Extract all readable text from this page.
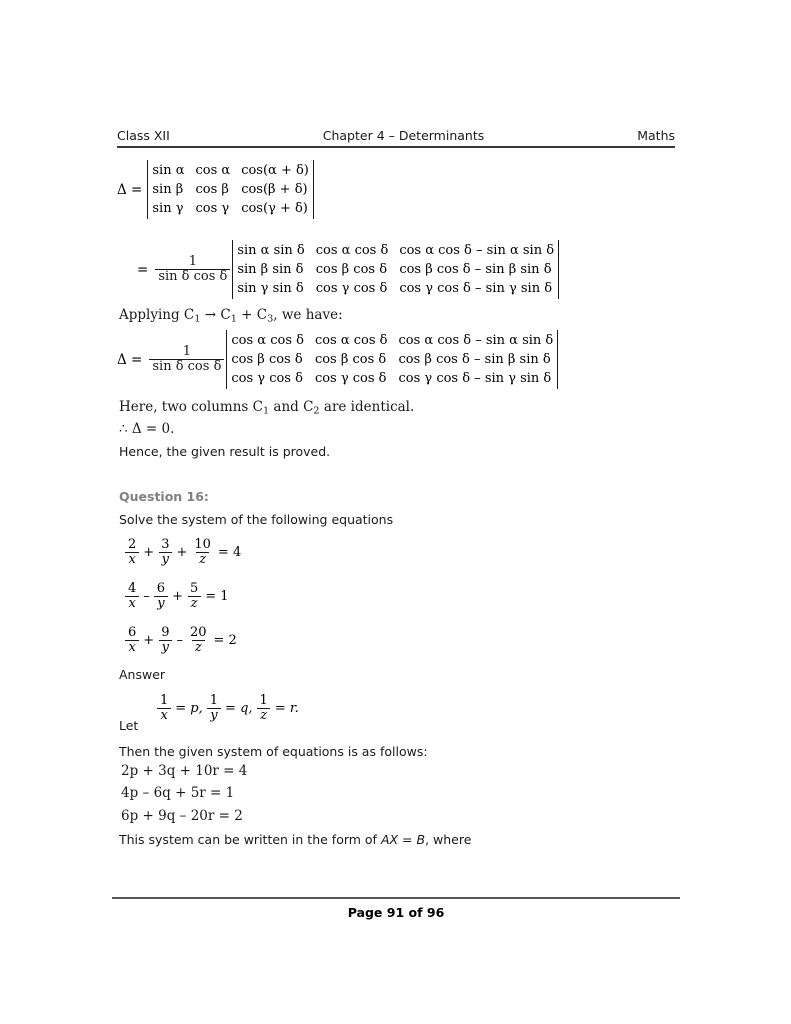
Class XII	Chapter 4 – Determinants	Maths
Δ =
sin α	cos α	cos(α + δ)
sin β	cos β	cos(β + δ)
sin γ	cos γ	cos(γ + δ)
= $\frac{1}{\text{sin δ cos δ}}$
sin α sin δ	cos α cos δ	cos α cos δ – sin α sin δ
sin β sin δ	cos β cos δ	cos β cos δ – sin β sin δ
sin γ sin δ	cos γ cos δ	cos γ cos δ – sin γ sin δ
Applying $C_1 \to C_1 + C_3$, we have:
$\Delta = \frac{1}{\text{sin δ cos δ}}$
cos α cos δ	cos α cos δ	cos α cos δ – sin α sin δ
cos β cos δ	cos β cos δ	cos β cos δ – sin β sin δ
cos γ cos δ	cos γ cos δ	cos γ cos δ – sin γ sin δ
Here, two columns $C_1$ and $C_2$ are identical.
∴ Δ = 0.
Hence, the given result is proved.
Question 16:
Solve the system of the following equations
$\frac{2}{x} + \frac{3}{y} + \frac{10}{z} = 4$
$\frac{4}{x} - \frac{6}{y} + \frac{5}{z} = 1$
$\frac{6}{x} + \frac{9}{y} - \frac{20}{z} = 2$
Answer
Let
$\frac{1}{x} = p$, $\frac{1}{y} = q$, $\frac{1}{z} = r$.
Then the given system of equations is as follows:
2p + 3q + 10r = 4
4p – 6q + 5r = 1
6p + 9q – 20r = 2
This system can be written in the form of AX = B, where
Page 91 of 96
